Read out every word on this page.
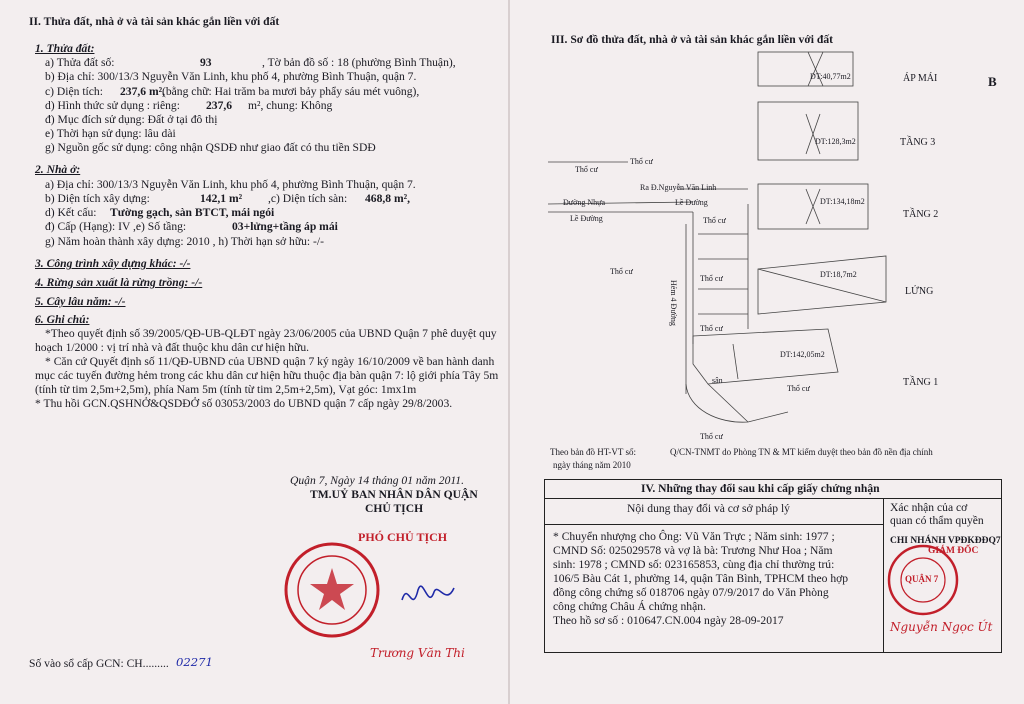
II. Thửa đất, nhà ở và tài sản khác gắn liền với đất
1. Thửa đất:
a) Thửa đất số:	93	, Tờ bản đồ số : 18 (phường Bình Thuận),
b) Địa chỉ: 300/13/3 Nguyễn Văn Linh, khu phố 4, phường Bình Thuận, quận 7.
c) Diện tích: 237,6 m²,
(bằng chữ: Hai trăm ba mươi bảy phẩy sáu mét vuông),
d) Hình thức sử dụng : riêng: 237,6 m², chung: Không
đ) Mục đích sử dụng: Đất ở tại đô thị
e) Thời hạn sử dụng: lâu dài
g) Nguồn gốc sử dụng: công nhận QSDĐ như giao đất có thu tiền SDĐ
2. Nhà ở:
a) Địa chỉ: 300/13/3 Nguyễn Văn Linh, khu phố 4, phường Bình Thuận, quận 7.
b) Diện tích xây dựng:	142,1 m² ,c) Diện tích sàn: 468,8 m²,
d) Kết cấu: Tường gạch, sàn BTCT, mái ngói
đ) Cấp (Hạng): IV ,e) Số tầng:	03+lửng+tầng áp mái
g) Năm hoàn thành xây dựng: 2010 , h) Thời hạn sở hữu: -/-
3. Công trình xây dựng khác: -/-
4. Rừng sản xuất là rừng trồng: -/-
5. Cây lâu năm: -/-
6. Ghi chú:
*Theo quyết định số 39/2005/QĐ-UB-QLĐT ngày 23/06/2005 của UBND Quận 7 phê duyệt quy
hoạch 1/2000 : vị trí nhà và đất thuộc khu dân cư hiện hữu.
* Căn cứ Quyết định số 11/QĐ-UBND của UBND quận 7 ký ngày 16/10/2009 về ban hành danh
mục các tuyến đường hẻm trong các khu dân cư hiện hữu thuộc địa bàn quận 7: lộ giới phía Tây 5m
(tính từ tim 2,5m+2,5m), phía Nam 5m (tính từ tim 2,5m+2,5m), Vạt góc: 1mx1m
* Thu hồi GCN.QSHNỞ&QSDĐỞ số 03053/2003 do UBND quận 7 cấp ngày 29/8/2003.
Quận 7, Ngày 14 tháng 01 năm 2011.
TM.UỶ BAN NHÂN DÂN QUẬN
CHỦ TỊCH
PHÓ CHỦ TỊCH
Trương Văn Thi
Số vào sổ cấp GCN: CH......... 02271
III. Sơ đồ thửa đất, nhà ở và tài sản khác gắn liền với đất
Thổ cư
Thổ cư
Đường Nhựa
Ra Đ.Nguyễn Văn Linh
Lề Đường
Lề Đường
Thổ cư
Thổ cư
Thổ cư
Thổ cư
Thổ cư
Thổ cư
Hẻm 4 Đường
sân
DT:142,05m2
DT:40,77m2
DT:128,3m2
DT:134,18m2
DT:18,7m2
ÁP MÁI
TẦNG 3
TẦNG 2
LỬNG
TẦNG 1
B
Theo bản đồ HT-VT số:	Q/CN-TNMT do Phòng TN & MT kiểm duyệt theo bản đồ nền địa chính
ngày tháng năm 2010
IV. Những thay đổi sau khi cấp giấy chứng nhận
Nội dung thay đổi và cơ sở pháp lý	Xác nhận của cơ
quan có thẩm quyền
* Chuyển nhượng cho Ông: Vũ Văn Trực ; Năm sinh: 1977 ;
CMND Số: 025029578 và vợ là bà: Trương Như Hoa ; Năm
sinh: 1978 ; CMND số: 023165853, cùng địa chỉ thường trú:
106/5 Bàu Cát 1, phường 14, quận Tân Bình, TPHCM theo hợp
đồng công chứng số 018706 ngày 07/9/2017 do Văn Phòng
công chứng Châu Á chứng nhận.
Theo hồ sơ số : 010647.CN.004 ngày 28-09-2017
CHI NHÁNH VPĐKĐĐQ7
GIÁM ĐỐC
QUẬN 7
Nguyễn Ngọc Út
